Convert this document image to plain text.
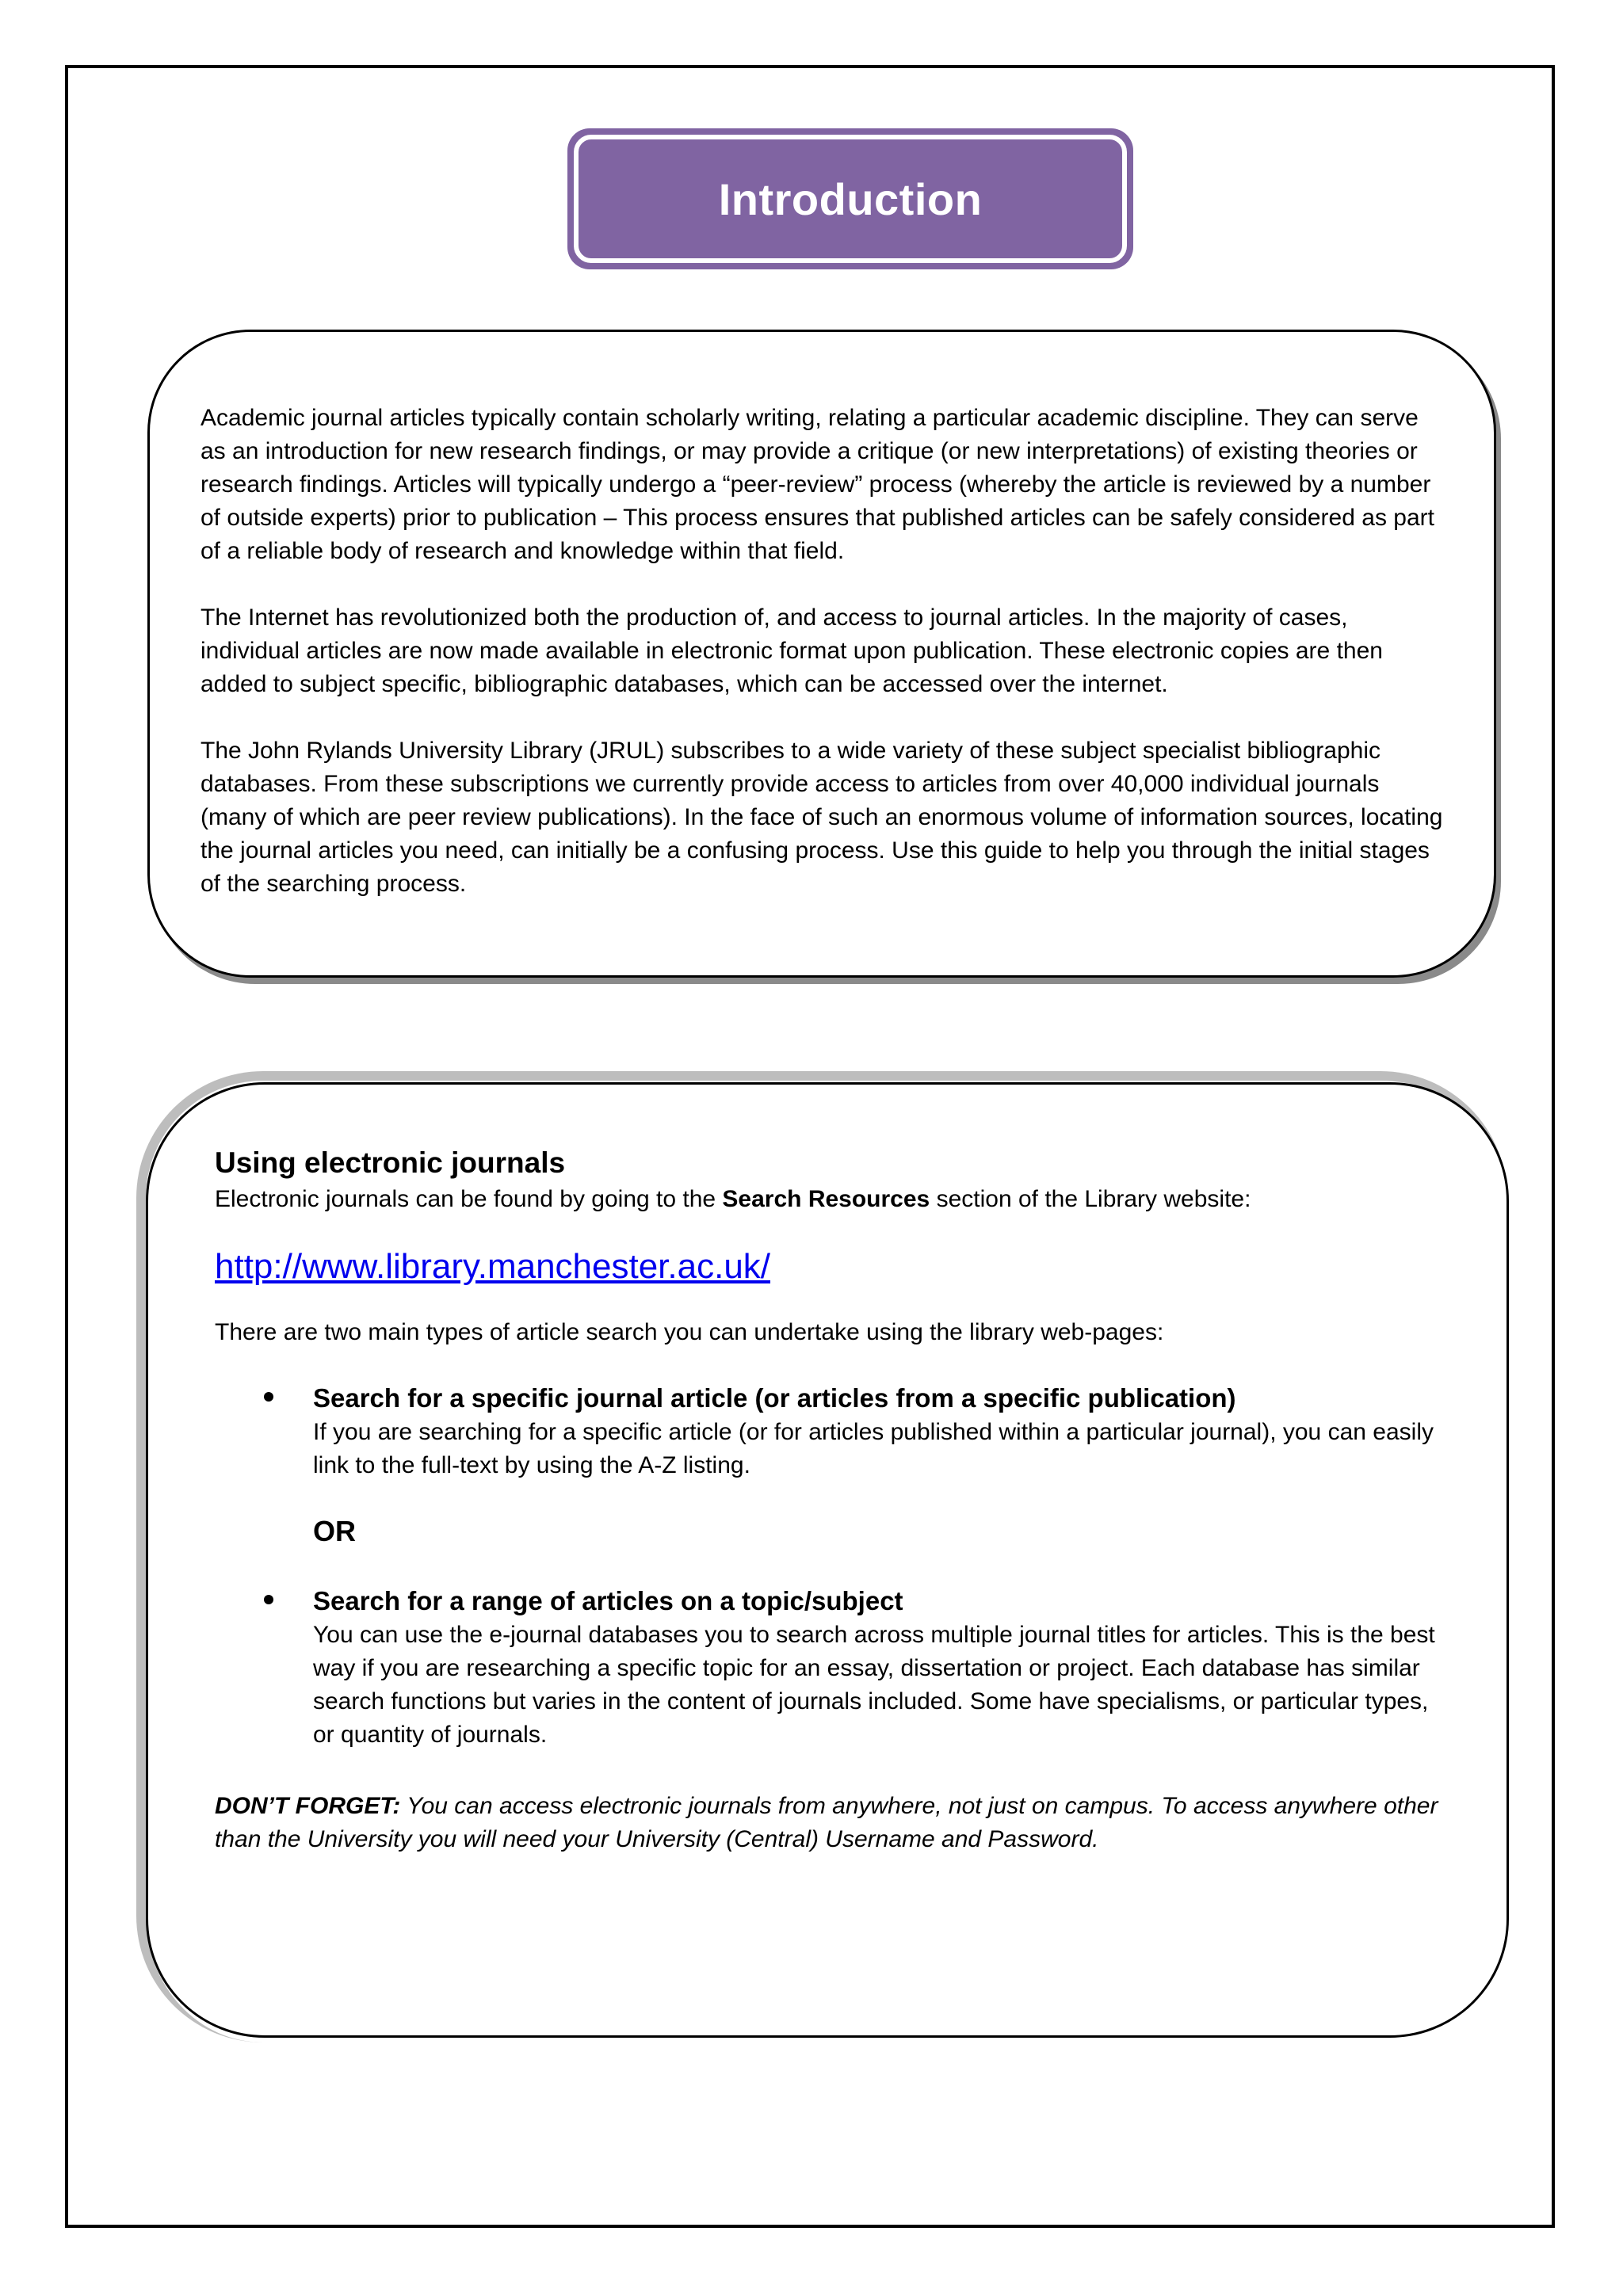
Introduction

Academic journal articles typically contain scholarly writing, relating a particular academic discipline. They can serve as an introduction for new research findings, or may provide a critique (or new interpretations) of existing theories or research findings. Articles will typically undergo a “peer-review” process (whereby the article is reviewed by a number of outside experts) prior to publication – This process ensures that published articles can be safely considered as part of a reliable body of research and knowledge within that field.

The Internet has revolutionized both the production of, and access to journal articles. In the majority of cases, individual articles are now made available in electronic format upon publication. These electronic copies are then added to subject specific, bibliographic databases, which can be accessed over the internet.

The John Rylands University Library (JRUL) subscribes to a wide variety of these subject specialist bibliographic databases. From these subscriptions we currently provide access to articles from over 40,000 individual journals (many of which are peer review publications). In the face of such an enormous volume of information sources, locating the journal articles you need, can initially be a confusing process. Use this guide to help you through the initial stages of the searching process.

Using electronic journals

Electronic journals can be found by going to the Search Resources section of the Library website:

http://www.library.manchester.ac.uk/

There are two main types of article search you can undertake using the library web-pages:

Search for a specific journal article (or articles from a specific publication)
If you are searching for a specific article (or for articles published within a particular journal), you can easily link to the full-text by using the A-Z listing.
OR
Search for a range of articles on a topic/subject
You can use the e-journal databases you to search across multiple journal titles for articles. This is the best way if you are researching a specific topic for an essay, dissertation or project. Each database has similar search functions but varies in the content of journals included. Some have specialisms, or particular types, or quantity of journals.

DON’T FORGET: You can access electronic journals from anywhere, not just on campus. To access anywhere other than the University you will need your University (Central) Username and Password.
